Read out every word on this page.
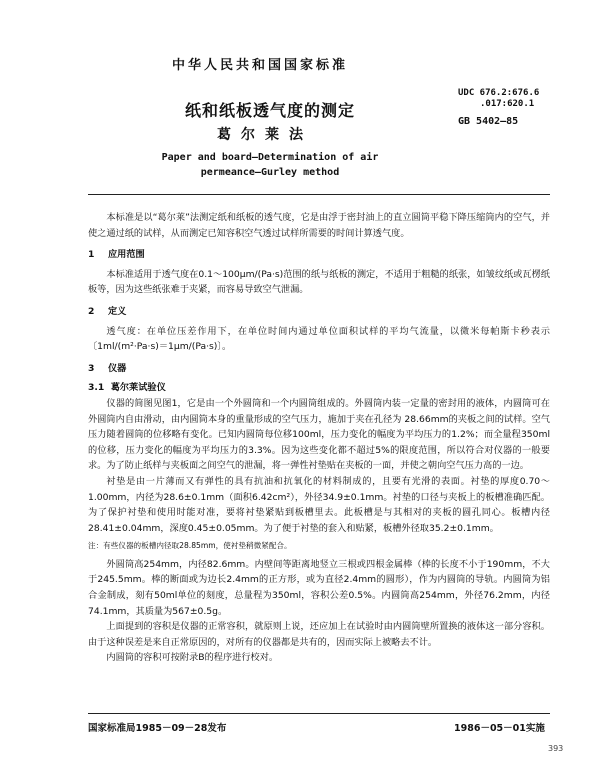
中华人民共和国国家标准
UDC 676.2:676.6
.017:620.1
GB 5402—85
纸和纸板透气度的测定
葛尔莱法
Paper and board—Determination of air
permeance—Gurley method

本标准是以“葛尔莱”法测定纸和纸板的透气度，它是由浮于密封油上的直立圆筒平稳下降压缩筒内的空气，并使之通过纸的试样，从而测定已知容积空气透过试样所需要的时间计算透气度。

1 应用范围

本标准适用于透气度在0.1～100μm/(Pa·s)范围的纸与纸板的测定，不适用于粗糙的纸张，如皱纹纸或瓦楞纸板等，因为这些纸张难于夹紧，而容易导致空气泄漏。

2 定义

透气度：在单位压差作用下，在单位时间内通过单位面积试样的平均气流量，以微米每帕斯卡秒表示〔1ml/(m²·Pa·s)＝1μm/(Pa·s)〕。

3 仪器
3.1 葛尔莱试验仪

仪器的简图见图1，它是由一个外圆筒和一个内圆筒组成的。外圆筒内装一定量的密封用的液体，内圆筒可在外圆筒内自由滑动，由内圆筒本身的重量形成的空气压力，施加于夹在孔径为 28.66mm的夹板之间的试样。空气压力随着圆筒的位移略有变化。已知内圆筒每位移100ml，压力变化的幅度为平均压力的1.2%；而全量程350ml的位移，压力变化的幅度为平均压力的3.3%。因为这些变化都不超过5%的限度范围，所以符合对仪器的一般要求。为了防止纸样与夹板面之间空气的泄漏，将一弹性衬垫贴在夹板的一面，并使之朝向空气压力高的一边。

衬垫是由一片薄而又有弹性的具有抗油和抗氧化的材料制成的，且要有光滑的表面。衬垫的厚度0.70～1.00mm，内径为28.6±0.1mm（面积6.42cm²），外径34.9±0.1mm。衬垫的口径与夹板上的板槽准确匹配。为了保护衬垫和使用时能对准，要将衬垫紧贴到板槽里去。此板槽是与其相对的夹板的圆孔同心。板槽内径28.41±0.04mm，深度0.45±0.05mm。为了便于衬垫的套入和贴紧，板槽外径取35.2±0.1mm。

注：有些仪器的板槽内径取28.85mm，使衬垫稍微紧配合。

外圆筒高254mm，内径82.6mm。内壁间等距离地竖立三根或四根金属棒（棒的长度不小于190mm，不大于245.5mm。棒的断面或为边长2.4mm的正方形，或为直径2.4mm的圆形），作为内圆筒的导轨。内圆筒为铝合金制成，刻有50ml单位的刻度，总量程为350ml，容积公差0.5%。内圆筒高254mm，外径76.2mm，内径74.1mm，其质量为567±0.5g。

上面提到的容积是仪器的正常容积，就原则上说，还应加上在试验时由内圆筒壁所置换的液体这一部分容积。由于这种误差是来自正常原因的，对所有的仪器都是共有的，因而实际上被略去不计。

内圆筒的容积可按附录B的程序进行校对。

国家标准局1985－09－28发布	1986－05－01实施
393
